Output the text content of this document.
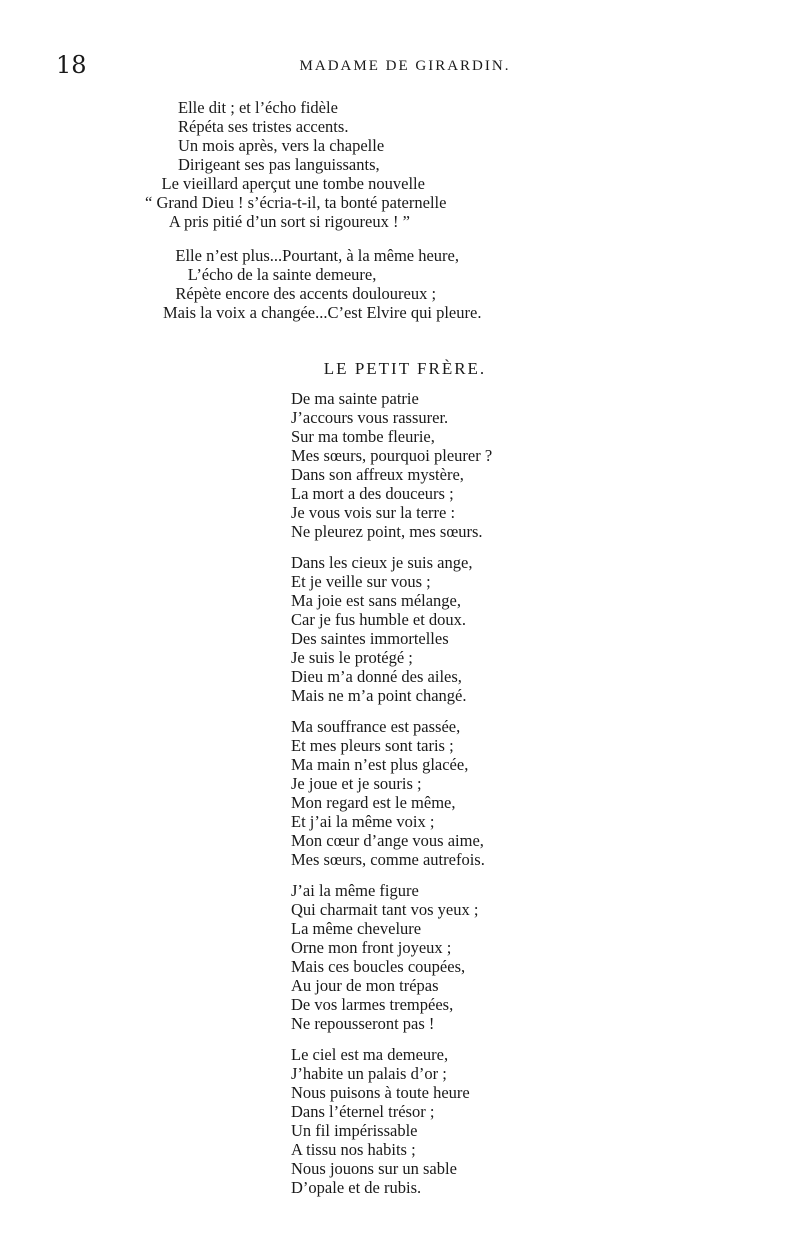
18	MADAME DE GIRARDIN.
Elle dit ; et l’écho fidèle
Répéta ses tristes accents.
Un mois après, vers la chapelle
Dirigeant ses pas languissants,
Le vieillard aperçut une tombe nouvelle
“ Grand Dieu ! s’écria-t-il, ta bonté paternelle
A pris pitié d’un sort si rigoureux ! ”
Elle n’est plus...Pourtant, à la même heure,
L’écho de la sainte demeure,
Répète encore des accents douloureux ;
Mais la voix a changée...C’est Elvire qui pleure.
LE PETIT FRÈRE.
De ma sainte patrie
J’accours vous rassurer.
Sur ma tombe fleurie,
Mes sœurs, pourquoi pleurer ?
Dans son affreux mystère,
La mort a des douceurs ;
Je vous vois sur la terre :
Ne pleurez point, mes sœurs.
Dans les cieux je suis ange,
Et je veille sur vous ;
Ma joie est sans mélange,
Car je fus humble et doux.
Des saintes immortelles
Je suis le protégé ;
Dieu m’a donné des ailes,
Mais ne m’a point changé.
Ma souffrance est passée,
Et mes pleurs sont taris ;
Ma main n’est plus glacée,
Je joue et je souris ;
Mon regard est le même,
Et j’ai la même voix ;
Mon cœur d’ange vous aime,
Mes sœurs, comme autrefois.
J’ai la même figure
Qui charmait tant vos yeux ;
La même chevelure
Orne mon front joyeux ;
Mais ces boucles coupées,
Au jour de mon trépas
De vos larmes trempées,
Ne repousseront pas !
Le ciel est ma demeure,
J’habite un palais d’or ;
Nous puisons à toute heure
Dans l’éternel trésor ;
Un fil impérissable
A tissu nos habits ;
Nous jouons sur un sable
D’opale et de rubis.
